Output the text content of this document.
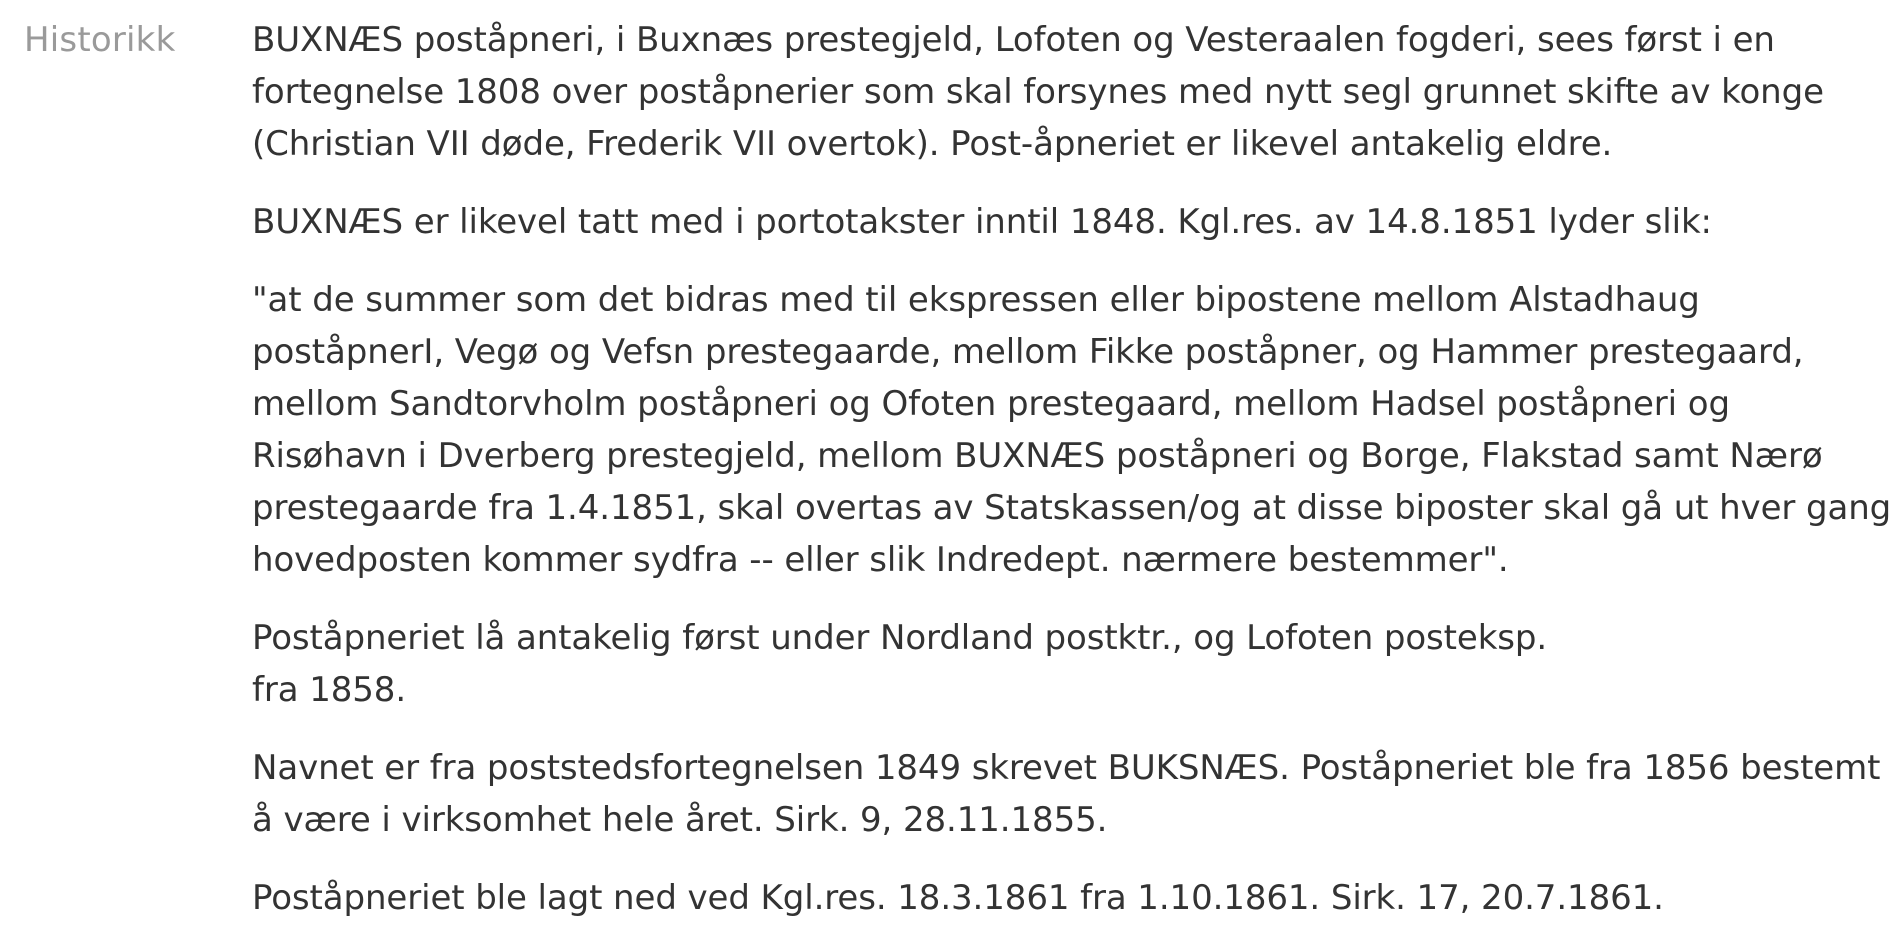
Historikk BUXNÆS poståpneri, i Buxnæs prestegjeld, Lofoten og Vesteraalen fogderi, sees først i en
fortegnelse 1808 over poståpnerier som skal forsynes med nytt segl grunnet skifte av konge
(Christian VII døde, Frederik VII overtok). Post-åpneriet er likevel antakelig eldre.

BUXNÆS er likevel tatt med i portotakster inntil 1848. Kgl.res. av 14.8.1851 lyder slik:

"at de summer som det bidras med til ekspressen eller bipostene mellom Alstadhaug
poståpnerI, Vegø og Vefsn prestegaarde, mellom Fikke poståpner, og Hammer prestegaard,
mellom Sandtorvholm poståpneri og Ofoten prestegaard, mellom Hadsel poståpneri og
Risøhavn i Dverberg prestegjeld, mellom BUXNÆS poståpneri og Borge, Flakstad samt Nærø
prestegaarde fra 1.4.1851, skal overtas av Statskassen/og at disse biposter skal gå ut hver gang
hovedposten kommer sydfra -- eller slik Indredept. nærmere bestemmer".

Poståpneriet lå antakelig først under Nordland postktr., og Lofoten posteksp.
fra 1858.

Navnet er fra poststedsfortegnelsen 1849 skrevet BUKSNÆS. Poståpneriet ble fra 1856 bestemt
å være i virksomhet hele året. Sirk. 9, 28.11.1855.

Poståpneriet ble lagt ned ved Kgl.res. 18.3.1861 fra 1.10.1861. Sirk. 17, 20.7.1861.
